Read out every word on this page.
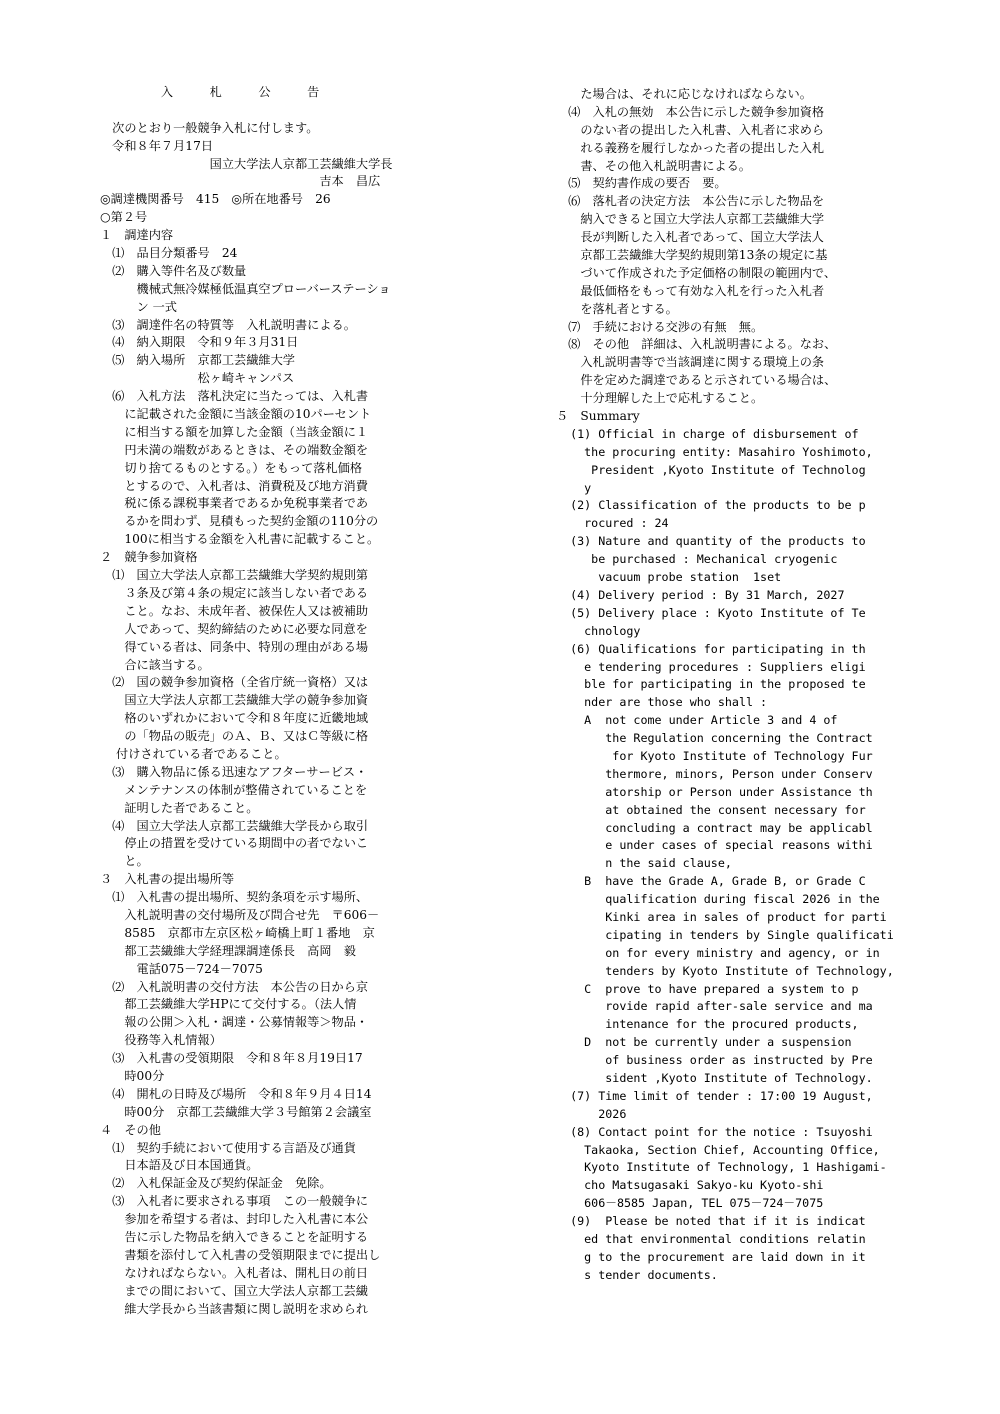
　　　　　入　　　札　　　公　　　告
　次のとおり一般競争入札に付します。
　令和８年７月17日
　　　　　　　　　国立大学法人京都工芸繊維大学長
　　　　　　　　　　　　　　　　　　吉本　昌広
◎調達機関番号　415　◎所在地番号　26
○第２号
１　調達内容
　⑴　品目分類番号　24
　⑵　購入等件名及び数量
　　　機械式無冷媒極低温真空プローバーステーショ
　　　ン 一式
　⑶　調達件名の特質等　入札説明書による。
　⑷　納入期限　令和９年３月31日
　⑸　納入場所　京都工芸繊維大学
　　　　　　　　松ヶ崎キャンパス
　⑹　入札方法　落札決定に当たっては、入札書
　　に記載された金額に当該金額の10パーセント
　　に相当する額を加算した金額（当該金額に１
　　円未満の端数があるときは、その端数金額を
　　切り捨てるものとする。）をもって落札価格
　　とするので、入札者は、消費税及び地方消費
　　税に係る課税事業者であるか免税事業者であ
　　るかを問わず、見積もった契約金額の110分の
　　100に相当する金額を入札書に記載すること。
２　競争参加資格
　⑴　国立大学法人京都工芸繊維大学契約規則第
　　３条及び第４条の規定に該当しない者である
　　こと。なお、未成年者、被保佐人又は被補助
　　人であって、契約締結のために必要な同意を
　　得ている者は、同条中、特別の理由がある場
　　合に該当する。
　⑵　国の競争参加資格（全省庁統一資格）又は
　　国立大学法人京都工芸繊維大学の競争参加資
　　格のいずれかにおいて令和８年度に近畿地域
　　の「物品の販売」のＡ、Ｂ、又はＣ等級に格
　 付けされている者であること。
　⑶　購入物品に係る迅速なアフターサービス・
　　メンテナンスの体制が整備されていることを
　　証明した者であること。
　⑷　国立大学法人京都工芸繊維大学長から取引
　　停止の措置を受けている期間中の者でないこ
　　と。
３　入札書の提出場所等
　⑴　入札書の提出場所、契約条項を示す場所、
　　入札説明書の交付場所及び問合せ先　〒606－
　　8585　京都市左京区松ヶ崎橋上町１番地　京
　　都工芸繊維大学経理課調達係長　高岡　毅
　　　電話075－724－7075
　⑵　入札説明書の交付方法　本公告の日から京
　　都工芸繊維大学HPにて交付する。（法人情
　　報の公開＞入札・調達・公募情報等＞物品・
　　役務等入札情報）
　⑶　入札書の受領期限　令和８年８月19日17
　　時00分
　⑷　開札の日時及び場所　令和８年９月４日14
　　時00分　京都工芸繊維大学３号館第２会議室
４　その他
　⑴　契約手続において使用する言語及び通貨
　　日本語及び日本国通貨。
　⑵　入札保証金及び契約保証金　免除。
　⑶　入札者に要求される事項　この一般競争に
　　参加を希望する者は、封印した入札書に本公
　　告に示した物品を納入できることを証明する
　　書類を添付して入札書の受領期限までに提出し
　　なければならない。入札者は、開札日の前日
　　までの間において、国立大学法人京都工芸繊
　　維大学長から当該書類に関し説明を求められ
　　た場合は、それに応じなければならない。
　⑷　入札の無効　本公告に示した競争参加資格
　　のない者の提出した入札書、入札者に求めら
　　れる義務を履行しなかった者の提出した入札
　　書、その他入札説明書による。
　⑸　契約書作成の要否　要。
　⑹　落札者の決定方法　本公告に示した物品を
　　納入できると国立大学法人京都工芸繊維大学
　　長が判断した入札者であって、国立大学法人
　　京都工芸繊維大学契約規則第13条の規定に基
　　づいて作成された予定価格の制限の範囲内で、
　　最低価格をもって有効な入札を行った入札者
　　を落札者とする。
　⑺　手続における交渉の有無　無。
　⑻　その他　詳細は、入札説明書による。なお、
　　入札説明書等で当該調達に関する環境上の条
　　件を定めた調達であると示されている場合は、
　　十分理解した上で応札すること。
５　Summary
(1) Official in charge of disbursement of
the procuring entity: Masahiro Yoshimoto,
President ,Kyoto Institute of Technolog
y
(2) Classification of the products to be p
rocured : 24
(3) Nature and quantity of the products to
be purchased : Mechanical cryogenic
vacuum probe station  1set
(4) Delivery period : By 31 March, 2027
(5) Delivery place : Kyoto Institute of Te
chnology
(6) Qualifications for participating in th
e tendering procedures : Suppliers eligi
ble for participating in the proposed te
nder are those who shall :
A  not come under Article 3 and 4 of
the Regulation concerning the Contract
for Kyoto Institute of Technology Fur
thermore, minors, Person under Conserv
atorship or Person under Assistance th
at obtained the consent necessary for
concluding a contract may be applicabl
e under cases of special reasons withi
n the said clause,
B  have the Grade A, Grade B, or Grade C
qualification during fiscal 2026 in the
Kinki area in sales of product for parti
cipating in tenders by Single qualificati
on for every ministry and agency, or in
tenders by Kyoto Institute of Technology,
C  prove to have prepared a system to p
rovide rapid after-sale service and ma
intenance for the procured products,
D  not be currently under a suspension
of business order as instructed by Pre
sident ,Kyoto Institute of Technology.
(7) Time limit of tender : 17:00 19 August,
2026
(8) Contact point for the notice : Tsuyoshi
Takaoka, Section Chief, Accounting Office,
Kyoto Institute of Technology, 1 Hashigami-
cho Matsugasaki Sakyo-ku Kyoto-shi
606－8585 Japan, TEL 075－724－7075
(9)  Please be noted that if it is indicat
ed that environmental conditions relatin
g to the procurement are laid down in it
s tender documents.
